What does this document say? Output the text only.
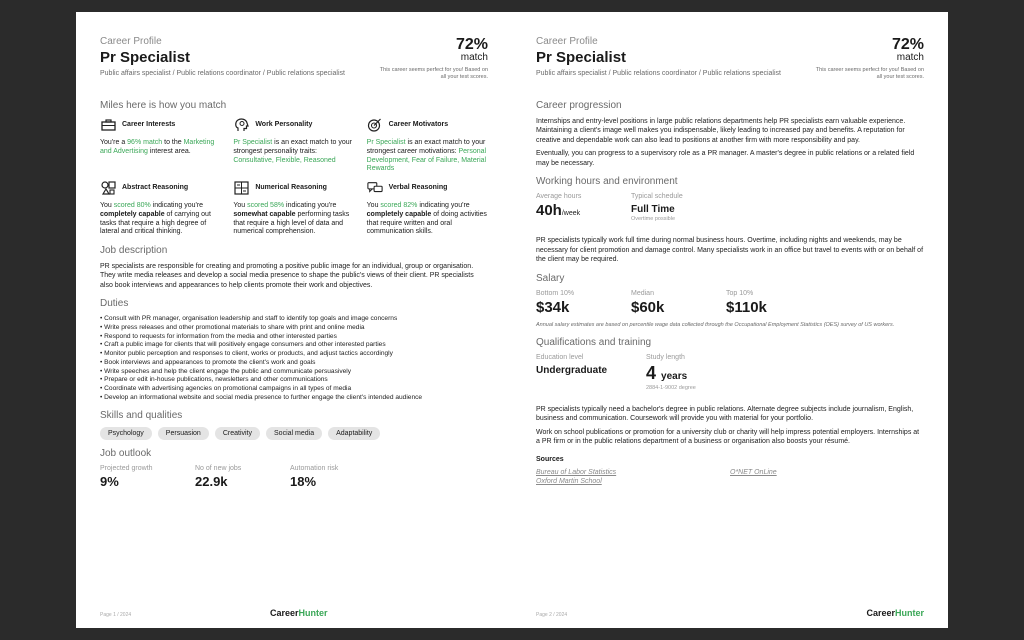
Career Profile
Pr Specialist
Public affairs specialist / Public relations coordinator / Public relations specialist
72%
match
This career seems perfect for you! Based on all your test scores.
Miles here is how you match
Career Interests
You're a 96% match to the Marketing and Advertising interest area.
Work Personality
Pr Specialist is an exact match to your strongest personality traits: Consultative, Flexible, Reasoned
Career Motivators
Pr Specialist is an exact match to your strongest career motivations: Personal Development, Fear of Failure, Material Rewards
Abstract Reasoning
You scored 80% indicating you're completely capable of carrying out tasks that require a high degree of lateral and critical thinking.
Numerical Reasoning
You scored 58% indicating you're somewhat capable performing tasks that require a high level of data and numerical comprehension.
Verbal Reasoning
You scored 82% indicating you're completely capable of doing activities that require written and oral communication skills.
Job description

PR specialists are responsible for creating and promoting a positive public image for an individual, group or organisation. They write media releases and develop a social media presence to shape the public's views of their client. PR specialists also book interviews and appearances to help clients promote their work and objectives.

Duties
• Consult with PR manager, organisation leadership and staff to identify top goals and image concerns
• Write press releases and other promotional materials to share with print and online media
• Respond to requests for information from the media and other interested parties
• Craft a public image for clients that will positively engage consumers and other interested parties
• Monitor public perception and responses to client, works or products, and adjust tactics accordingly
• Book interviews and appearances to promote the client's work and goals
• Write speeches and help the client engage the public and communicate persuasively
• Prepare or edit in-house publications, newsletters and other communications
• Coordinate with advertising agencies on promotional campaigns in all types of media
• Develop an informational website and social media presence to further engage the client's intended audience
Skills and qualities
Psychology	Persuasion	Creativity	Social media	Adaptability
Job outlook
Projected growth
9%
No of new jobs
22.9k
Automation risk
18%
Page 1 / 2024	CareerHunter
Career Profile
Pr Specialist
Public affairs specialist / Public relations coordinator / Public relations specialist
72%
match
This career seems perfect for you! Based on all your test scores.
Career progression

Internships and entry-level positions in large public relations departments help PR specialists earn valuable experience. Maintaining a client's image well makes you indispensable, likely leading to increased pay and benefits. A reputation for creative and dependable work can also lead to positions at another firm with more responsibility and pay.

Eventually, you can progress to a supervisory role as a PR manager. A master's degree in public relations or a related field may be necessary.

Working hours and environment
Average hours
40h/week
Typical schedule
Full Time
Overtime possible

PR specialists typically work full time during normal business hours. Overtime, including nights and weekends, may be necessary for client promotion and damage control. Many specialists work in an office but travel to events with or on behalf of the client may be required.

Salary
Bottom 10%
$34k
Median
$60k
Top 10%
$110k
Annual salary estimates are based on percentile wage data collected through the Occupational Employment Statistics (OES) survey of US workers.
Qualifications and training
Education level
Undergraduate
Study length
4 years
2884-1-9002 degree

PR specialists typically need a bachelor's degree in public relations. Alternate degree subjects include journalism, English, business and communication. Coursework will provide you with material for your portfolio.

Work on school publications or promotion for a university club or charity will help impress potential employers. Internships at a PR firm or in the public relations department of a business or organisation also boosts your résumé.

Sources
Bureau of Labor Statistics	O*NET OnLine
Oxford Martin School
Page 2 / 2024	CareerHunter
